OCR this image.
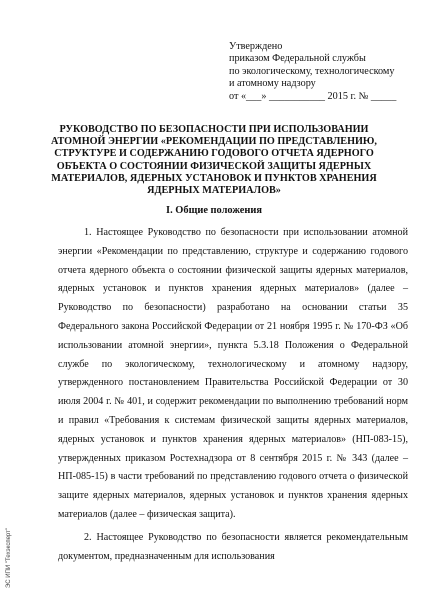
Утверждено
приказом Федеральной службы
по экологическому, технологическому
и атомному надзору
от «___» ___________ 2015 г. № _____
РУКОВОДСТВО ПО БЕЗОПАСНОСТИ ПРИ ИСПОЛЬЗОВАНИИ АТОМНОЙ ЭНЕРГИИ «РЕКОМЕНДАЦИИ ПО ПРЕДСТАВЛЕНИЮ, СТРУКТУРЕ И СОДЕРЖАНИЮ ГОДОВОГО ОТЧЕТА ЯДЕРНОГО ОБЪЕКТА О СОСТОЯНИИ ФИЗИЧЕСКОЙ ЗАЩИТЫ ЯДЕРНЫХ МАТЕРИАЛОВ, ЯДЕРНЫХ УСТАНОВОК И ПУНКТОВ ХРАНЕНИЯ ЯДЕРНЫХ МАТЕРИАЛОВ»
I. Общие положения

1. Настоящее Руководство по безопасности при использовании атомной энергии «Рекомендации по представлению, структуре и содержанию годового отчета ядерного объекта о состоянии физической защиты ядерных материалов, ядерных установок и пунктов хранения ядерных материалов» (далее – Руководство по безопасности) разработано на основании статьи 35 Федерального закона Российской Федерации от 21 ноября 1995 г. № 170-ФЗ «Об использовании атомной энергии», пункта 5.3.18 Положения о Федеральной службе по экологическому, технологическому и атомному надзору, утвержденного постановлением Правительства Российской Федерации от 30 июля 2004 г. № 401, и содержит рекомендации по выполнению требований норм и правил «Требования к системам физической защиты ядерных материалов, ядерных установок и пунктов хранения ядерных материалов» (НП-083-15), утвержденных приказом Ростехнадзора от 8 сентября 2015 г. № 343 (далее – НП-085-15) в части требований по представлению годового отчета о физической защите ядерных материалов, ядерных установок и пунктов хранения ядерных материалов (далее – физическая защита).

2. Настоящее Руководство по безопасности является рекомендательным документом, предназначенным для использования

ЭС ИПИ "Техэксперт"
